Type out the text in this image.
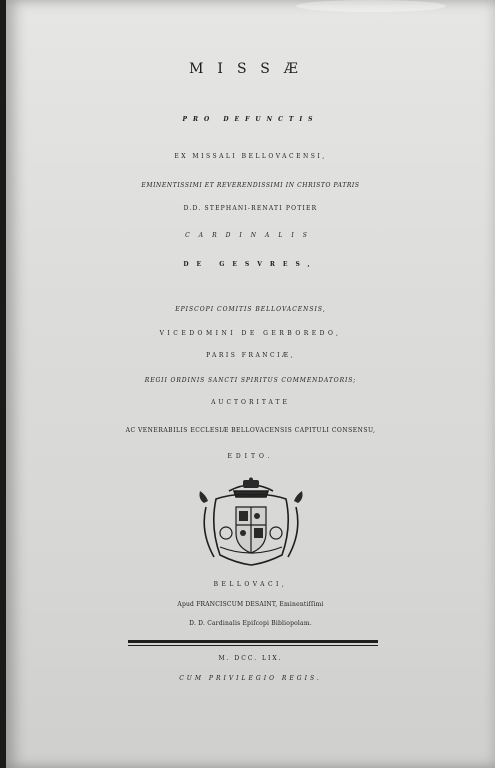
MISSÆ
PRO DEFUNCTIS
EX MISSALI BELLOVACENSI,
EMINENTISSIMI ET REVERENDISSIMI IN CHRISTO PATRIS
D.D. STEPHANI-RENATI POTIER
CARDINALIS
DE GESVRES,
EPISCOPI COMITIS BELLOVACENSIS,
VICEDOMINI DE GERBOREDO,
PARIS FRANCIÆ,
REGII ORDINIS SANCTI SPIRITUS COMMENDATORIS;
AUCTORITATE
AC VENERABILIS ECCLESIÆ BELLOVACENSIS CAPITULI CONSENSU,
EDITO.
BELLOVACI,
Apud FRANCISCUM DESAINT, Eminentiſſimi
D. D. Cardinalis Epiſcopi Bibliopolam.
M. DCC. LIX.
CUM PRIVILEGIO REGIS.
